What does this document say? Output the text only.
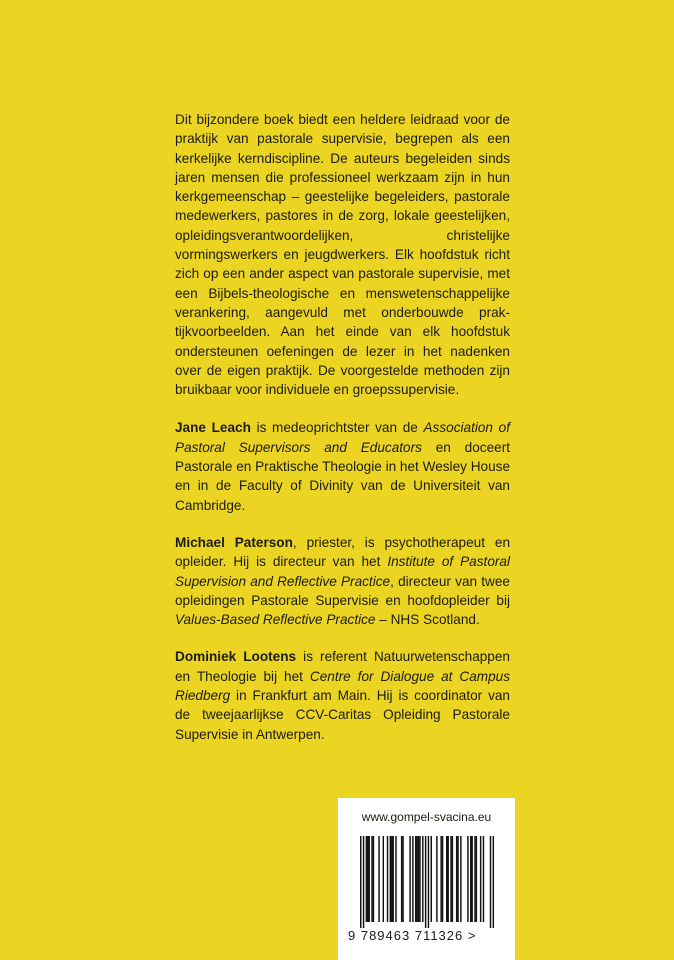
Dit bijzondere boek biedt een heldere leidraad voor de praktijk van pastorale supervisie, begrepen als een kerkelijke kerndiscipline. De auteurs begeleiden sinds jaren mensen die professioneel werkzaam zijn in hun kerkgemeenschap – geestelijke begeleiders, pastorale medewerkers, pastores in de zorg, lokale geestelijken, opleidingsverantwoordelijken, christelijke vormingswerkers en jeugdwerkers. Elk hoofdstuk richt zich op een ander aspect van pastorale supervisie, met een Bijbels-theologische en menswetenschappelijke verankering, aangevuld met onderbouwde praktijkvoorbeelden. Aan het einde van elk hoofdstuk ondersteunen oefeningen de lezer in het nadenken over de eigen praktijk. De voorgestelde methoden zijn bruikbaar voor individuele en groepssupervisie.

Jane Leach is medeoprichtster van de Association of Pastoral Supervisors and Educators en doceert Pastorale en Praktische Theologie in het Wesley House en in de Faculty of Divinity van de Universiteit van Cambridge.

Michael Paterson, priester, is psychotherapeut en opleider. Hij is directeur van het Institute of Pastoral Supervision and Reflective Practice, directeur van twee opleidingen Pastorale Supervisie en hoofdopleider bij Values-Based Reflective Practice – NHS Scotland.

Dominiek Lootens is referent Natuurwetenschappen en Theologie bij het Centre for Dialogue at Campus Riedberg in Frankfurt am Main. Hij is coordinator van de tweejaarlijkse CCV-Caritas Opleiding Pastorale Supervisie in Antwerpen.

www.gompel-svacina.eu
9 789463 711326 >
